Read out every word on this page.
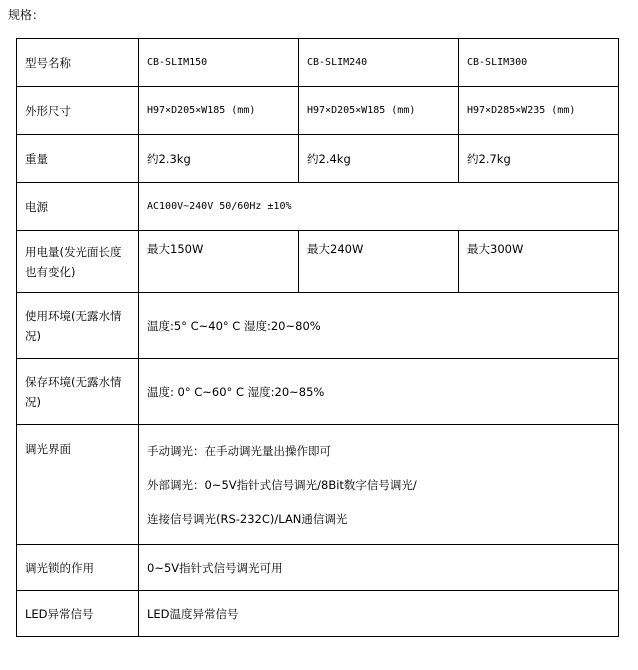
规格：
型号名称	CB-SLIM150	CB-SLIM240	CB-SLIM300
外形尺寸	H97×D205×W185 (mm)	H97×D205×W185 (mm)	H97×D285×W235 (mm)
重量	约2.3kg	约2.4kg	约2.7kg
电源	AC100V~240V 50/60Hz ±10%		
用电量(发光面长度也有变化)	最大150W	最大240W	最大300W
使用环境(无露水情况)	温度:5° C~40° C 湿度:20~80%		
保存环境(无露水情况)	温度: 0° C~60° C 湿度:20~85%		
调光界面	手动调光：在手动调光量出操作即可
外部调光：0~5V指针式信号调光/8Bit数字信号调光/
连接信号调光(RS-232C)/LAN通信调光		

调光锁的作用	0~5V指针式信号调光可用		
LED异常信号	LED温度异常信号		
